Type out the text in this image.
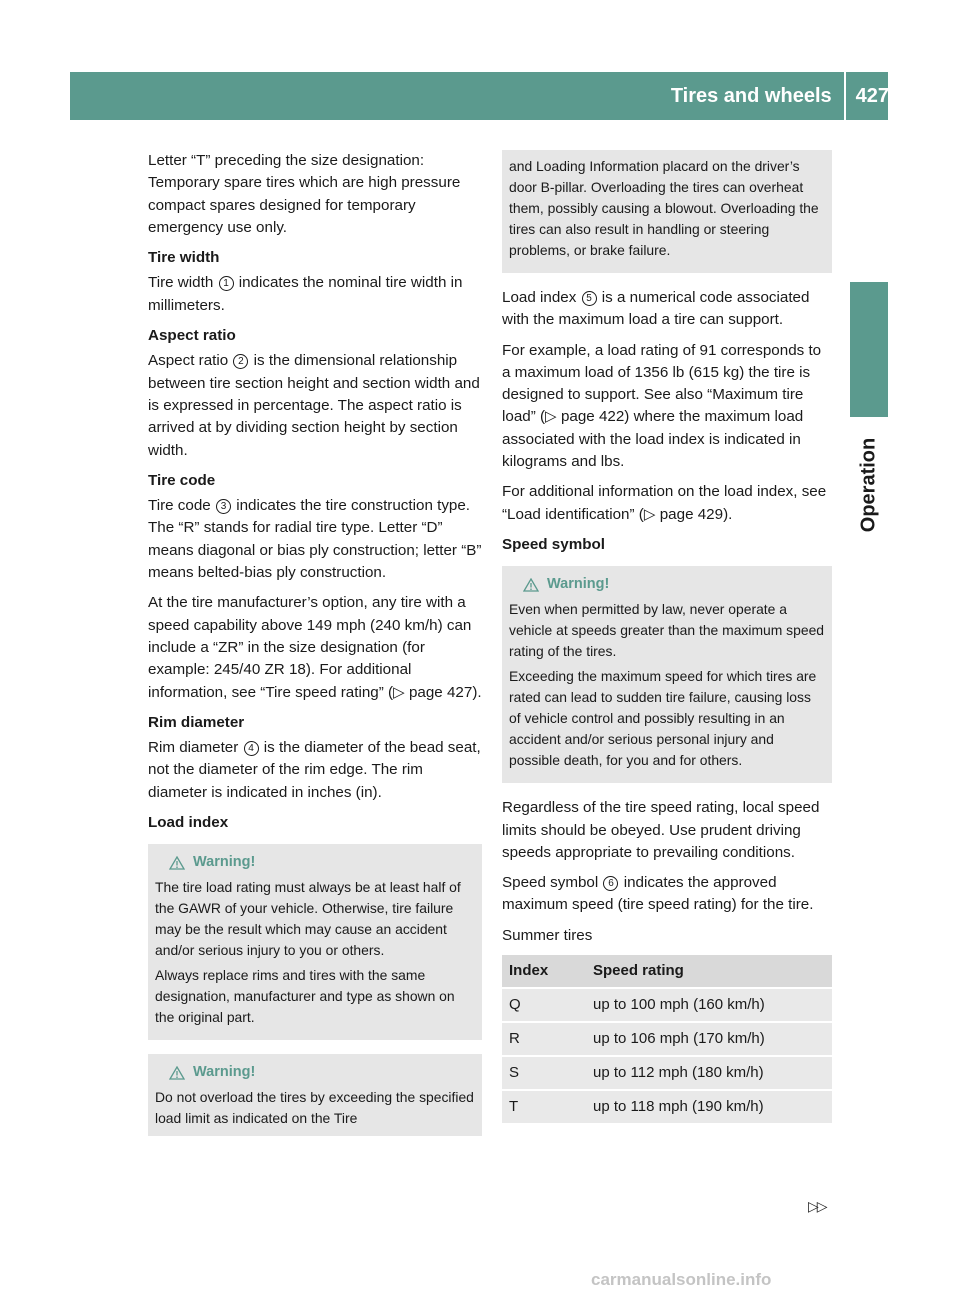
Tires and wheels 427
Operation

Letter “T” preceding the size designation: Temporary spare tires which are high pressure compact spares designed for temporary emergency use only.

Tire width

Tire width 1 indicates the nominal tire width in millimeters.

Aspect ratio

Aspect ratio 2 is the dimensional relationship between tire section height and section width and is expressed in percentage. The aspect ratio is arrived at by dividing section height by section width.

Tire code

Tire code 3 indicates the tire construction type. The “R” stands for radial tire type. Letter “D” means diagonal or bias ply construction; letter “B” means belted-bias ply construction.

At the tire manufacturer’s option, any tire with a speed capability above 149 mph (240 km/h) can include a “ZR” in the size designation (for example: 245/40 ZR 18). For additional information, see “Tire speed rating” (▷ page 427).

Rim diameter

Rim diameter 4 is the diameter of the bead seat, not the diameter of the rim edge. The rim diameter is indicated in inches (in).

Load index

Warning!

The tire load rating must always be at least half of the GAWR of your vehicle. Otherwise, tire failure may be the result which may cause an accident and/or serious injury to you or others.

Always replace rims and tires with the same designation, manufacturer and type as shown on the original part.

Warning!

Do not overload the tires by exceeding the specified load limit as indicated on the Tire

and Loading Information placard on the driver’s door B-pillar. Overloading the tires can overheat them, possibly causing a blowout. Overloading the tires can also result in handling or steering problems, or brake failure.

Load index 5 is a numerical code associated with the maximum load a tire can support.

For example, a load rating of 91 corresponds to a maximum load of 1356 lb (615 kg) the tire is designed to support. See also “Maximum tire load” (▷ page 422) where the maximum load associated with the load index is indicated in kilograms and lbs.

For additional information on the load index, see “Load identification” (▷ page 429).

Speed symbol

Warning!

Even when permitted by law, never operate a vehicle at speeds greater than the maximum speed rating of the tires.

Exceeding the maximum speed for which tires are rated can lead to sudden tire failure, causing loss of vehicle control and possibly resulting in an accident and/or serious personal injury and possible death, for you and for others.

Regardless of the tire speed rating, local speed limits should be obeyed. Use prudent driving speeds appropriate to prevailing conditions.

Speed symbol 6 indicates the approved maximum speed (tire speed rating) for the tire.

Summer tires

Index	Speed rating
Q	up to 100 mph (160 km/h)
R	up to 106 mph (170 km/h)
S	up to 112 mph (180 km/h)
T	up to 118 mph (190 km/h)
▷▷
carmanualsonline.info
